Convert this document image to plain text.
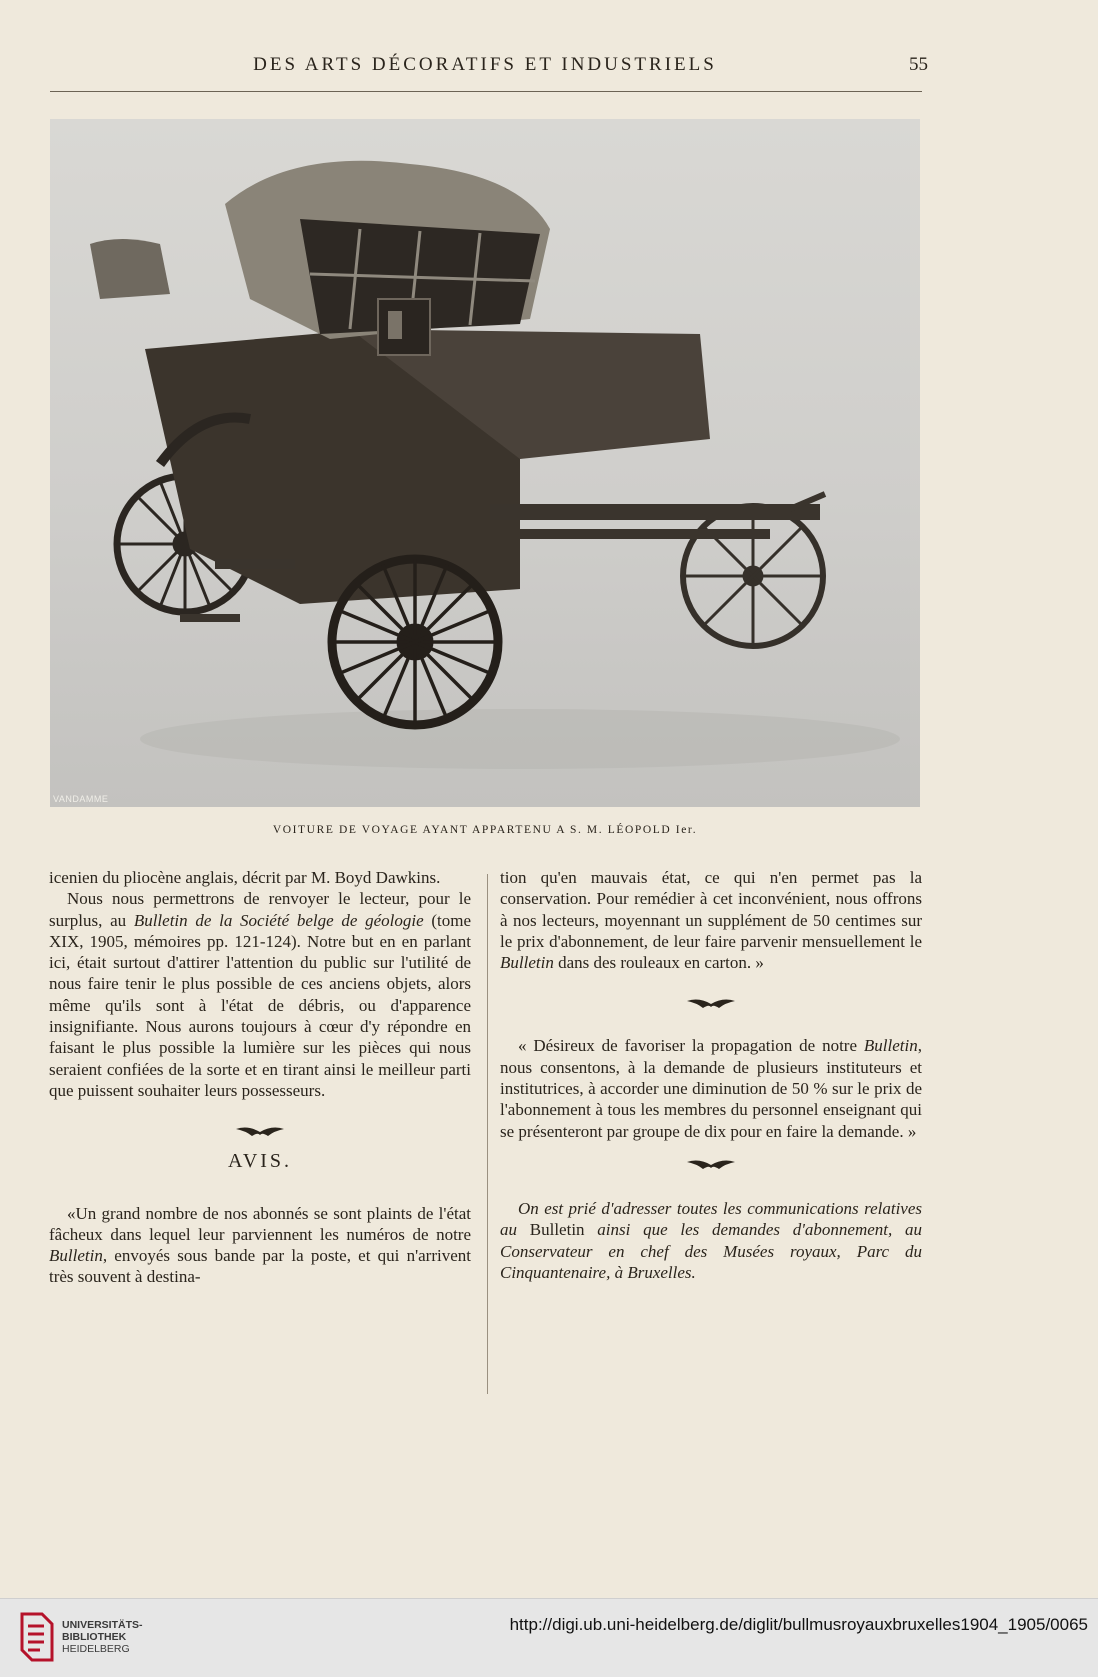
DES ARTS DÉCORATIFS ET INDUSTRIELS	55
VANDAMME
VOITURE DE VOYAGE AYANT APPARTENU A S. M. LÉOPOLD Ier.

icenien du pliocène anglais, décrit par M. Boyd Dawkins.

Nous nous permettrons de renvoyer le lecteur, pour le surplus, au Bulletin de la Société belge de géologie (tome XIX, 1905, mémoires pp. 121-124). Notre but en en parlant ici, était surtout d'attirer l'attention du public sur l'utilité de nous faire tenir le plus possible de ces anciens objets, alors même qu'ils sont à l'état de débris, ou d'apparence insignifiante. Nous aurons toujours à cœur d'y répondre en faisant le plus possible la lumière sur les pièces qui nous seraient confiées de la sorte et en tirant ainsi le meilleur parti que puissent souhaiter leurs possesseurs.

AVIS.

«Un grand nombre de nos abonnés se sont plaints de l'état fâcheux dans lequel leur parviennent les numéros de notre Bulletin, envoyés sous bande par la poste, et qui n'arrivent très souvent à destina-

tion qu'en mauvais état, ce qui n'en permet pas la conservation. Pour remédier à cet inconvénient, nous offrons à nos lecteurs, moyennant un supplément de 50 centimes sur le prix d'abonnement, de leur faire parvenir mensuellement le Bulletin dans des rouleaux en carton. »

« Désireux de favoriser la propagation de notre Bulletin, nous consentons, à la demande de plusieurs instituteurs et institutrices, à accorder une diminution de 50 % sur le prix de l'abonnement à tous les membres du personnel enseignant qui se présenteront par groupe de dix pour en faire la demande. »

On est prié d'adresser toutes les communications relatives au Bulletin ainsi que les demandes d'abonnement, au Conservateur en chef des Musées royaux, Parc du Cinquantenaire, à Bruxelles.

UNIVERSITÄTS-
BIBLIOTHEK
HEIDELBERG
http://digi.ub.uni-heidelberg.de/diglit/bullmusroyauxbruxelles1904_1905/0065
